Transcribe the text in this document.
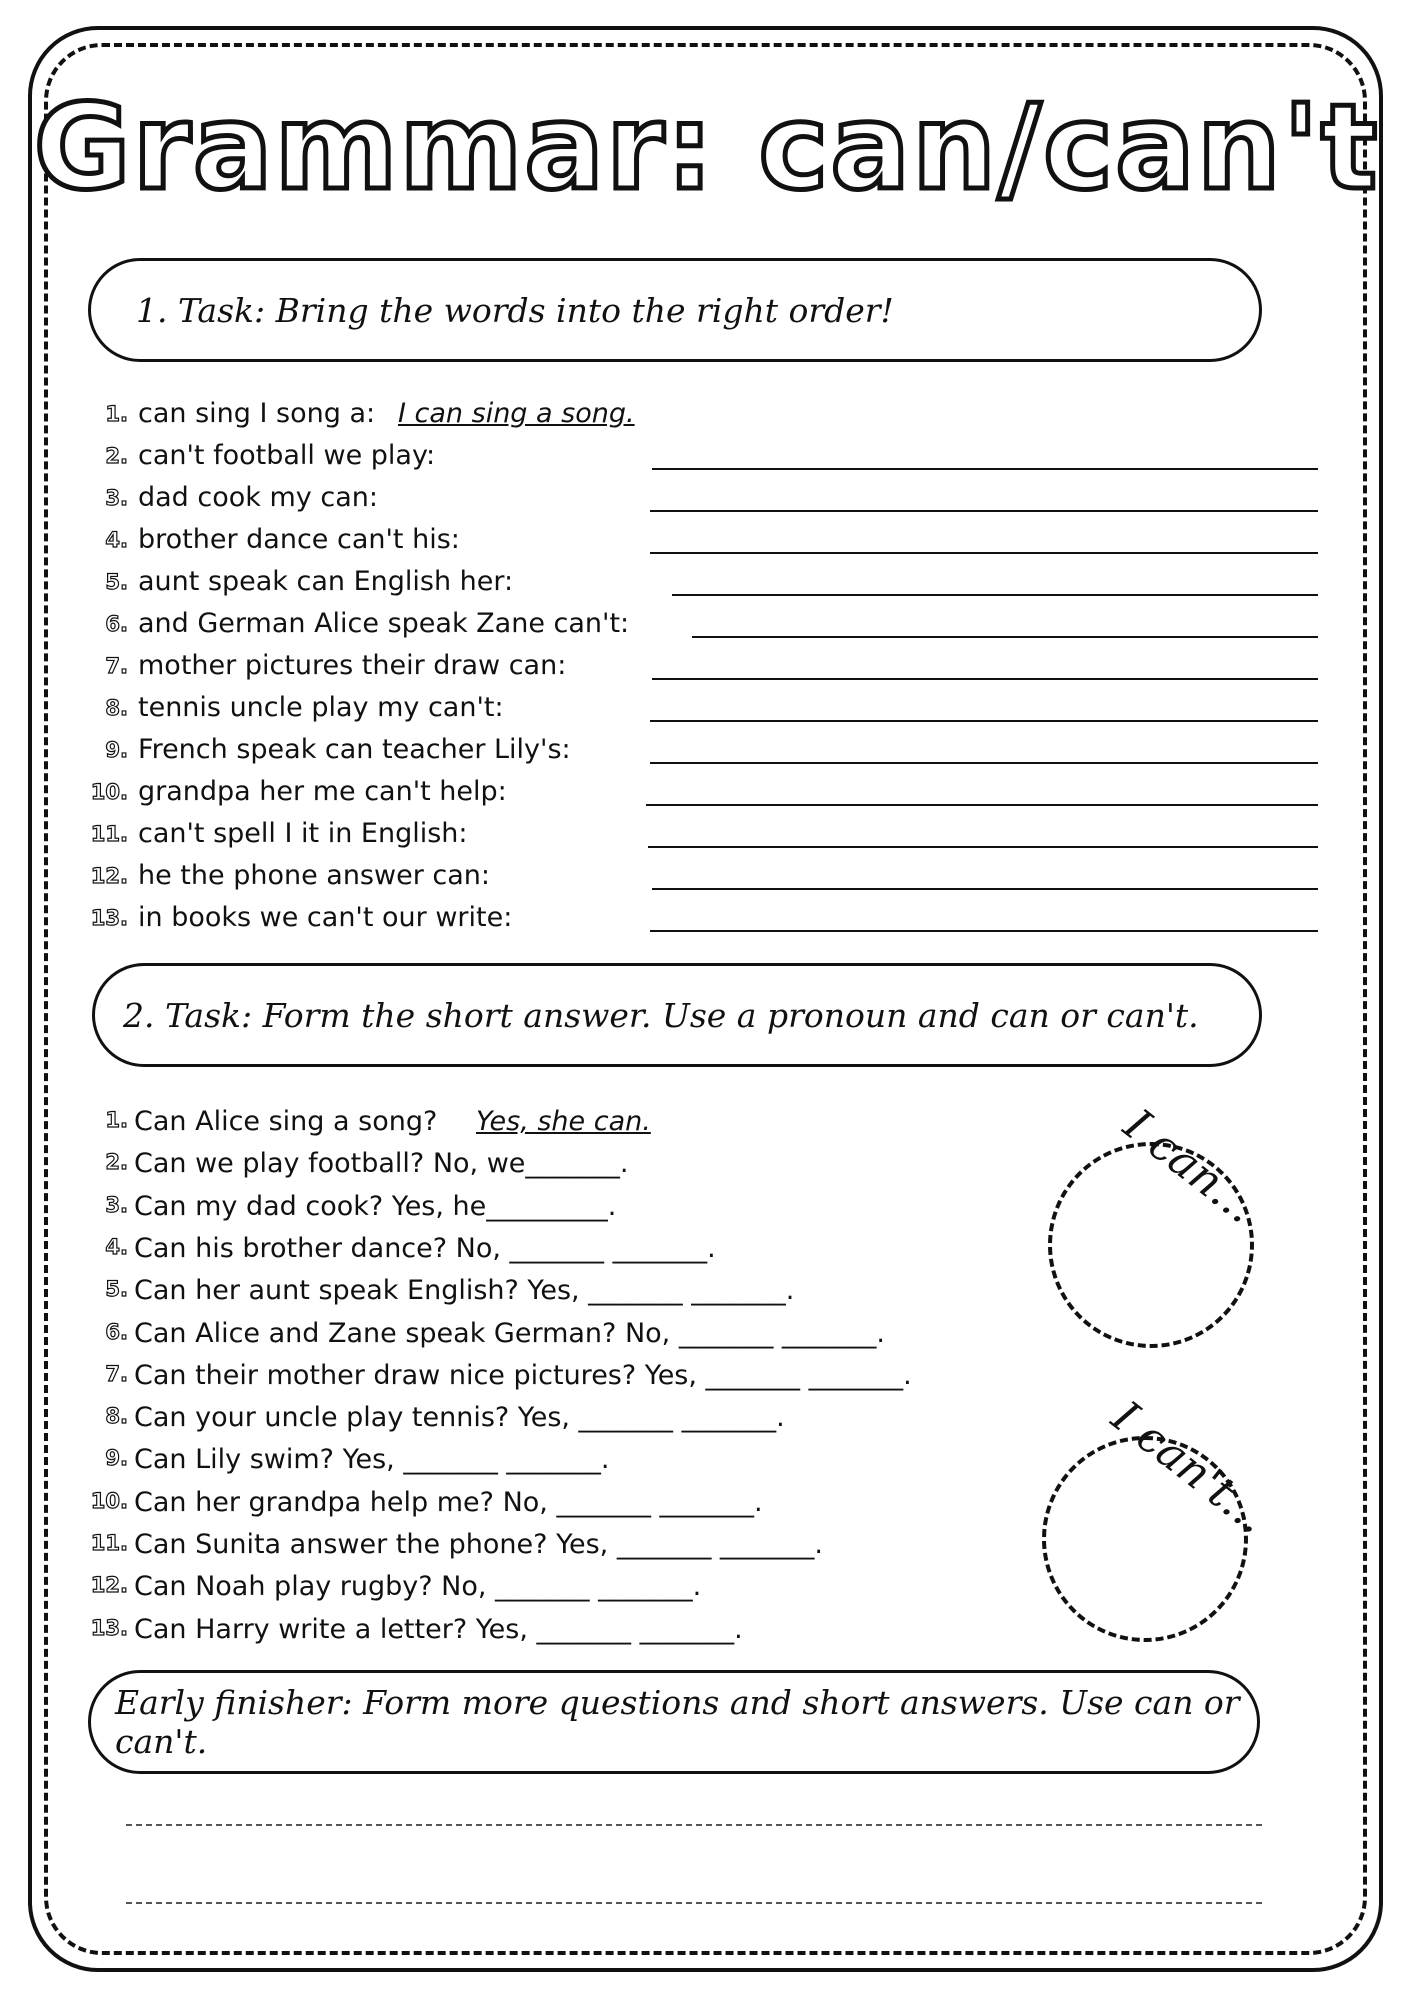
Grammar: can/can't
1. Task: Bring the words into the right order!
1. can sing I song a: I can sing a song.
2. can't football we play:
3. dad cook my can:
4. brother dance can't his:
5. aunt speak can English her:
6. and German Alice speak Zane can't:
7. mother pictures their draw can:
8. tennis uncle play my can't:
9. French speak can teacher Lily's:
10. grandpa her me can't help:
11. can't spell I it in English:
12. he the phone answer can:
13. in books we can't our write:
2. Task: Form the short answer. Use a pronoun and can or can't.
1. Can Alice sing a song? Yes, she can.
2. Can we play football? No, we_______.
3. Can my dad cook? Yes, he_________.
4. Can his brother dance? No, _______ _______.
5. Can her aunt speak English? Yes, _______ _______.
6. Can Alice and Zane speak German? No, _______ _______.
7. Can their mother draw nice pictures? Yes, _______ _______.
8. Can your uncle play tennis? Yes, _______ _______.
9. Can Lily swim? Yes, _______ _______.
10. Can her grandpa help me? No, _______ _______.
11. Can Sunita answer the phone? Yes, _______ _______.
12. Can Noah play rugby? No, _______ _______.
13. Can Harry write a letter? Yes, _______ _______.
I can...
I can't...
Early finisher: Form more questions and short answers. Use can or can't.
